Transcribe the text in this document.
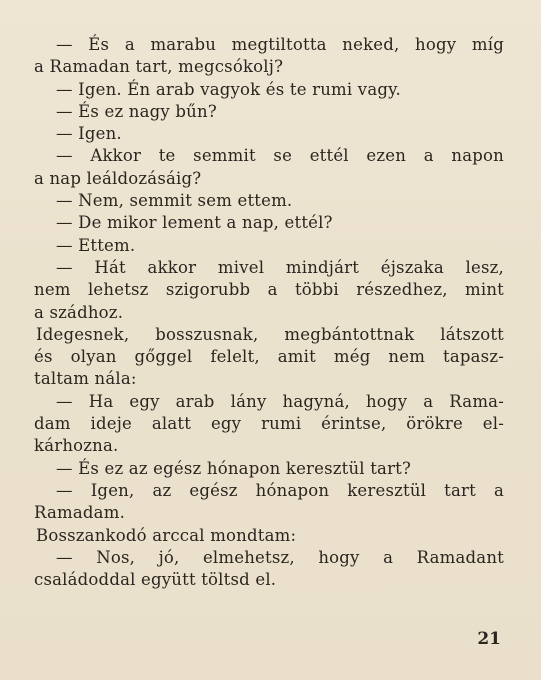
— És a marabu megtiltotta neked, hogy míg
a Ramadan tart, megcsókolj?
— Igen. Én arab vagyok és te rumi vagy.
— És ez nagy bűn?
— Igen.
— Akkor te semmit se ettél ezen a napon
a nap leáldozásáig?
— Nem, semmit sem ettem.
— De mikor lement a nap, ettél?
— Ettem.
— Hát akkor mivel mindjárt éjszaka lesz,
nem lehetsz szigorubb a többi részedhez, mint
a szádhoz.
Idegesnek, bosszusnak, megbántottnak látszott
és olyan gőggel felelt, amit még nem tapasz-
taltam nála:
— Ha egy arab lány hagyná, hogy a Rama-
dam ideje alatt egy rumi érintse, örökre el-
kárhozna.
— És ez az egész hónapon keresztül tart?
— Igen, az egész hónapon keresztül tart a
Ramadam.
Bosszankodó arccal mondtam:
— Nos, jó, elmehetsz, hogy a Ramadant
családoddal együtt töltsd el.
21
